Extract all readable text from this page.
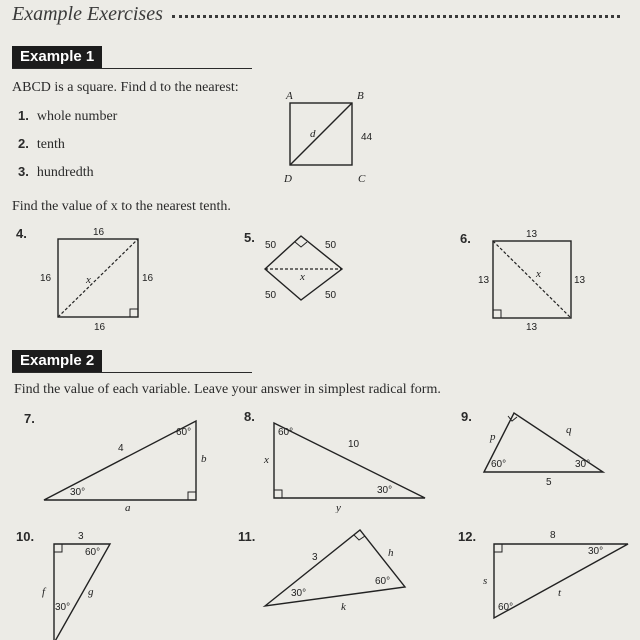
Example Exercises
Example 1
ABCD is a square. Find d to the nearest:
1. whole number
2. tenth
3. hundredth
A	B
C
D
d	44
Find the value of x to the nearest tenth.
4.	16
16	16
16
x
5.
50	50
50	50
x
6.	13
13	13
13
x
Example 2
Find the value of each variable. Leave your answer in simplest radical form.
7.
4
60°
30°
b
a
8.
60°
10
x
y
30°
9.
p
q
5
60°	30°
10.	3
60°
f	g
30°
11.
3	h
30°
60°
k
12.	8
30°
s
t
60°
